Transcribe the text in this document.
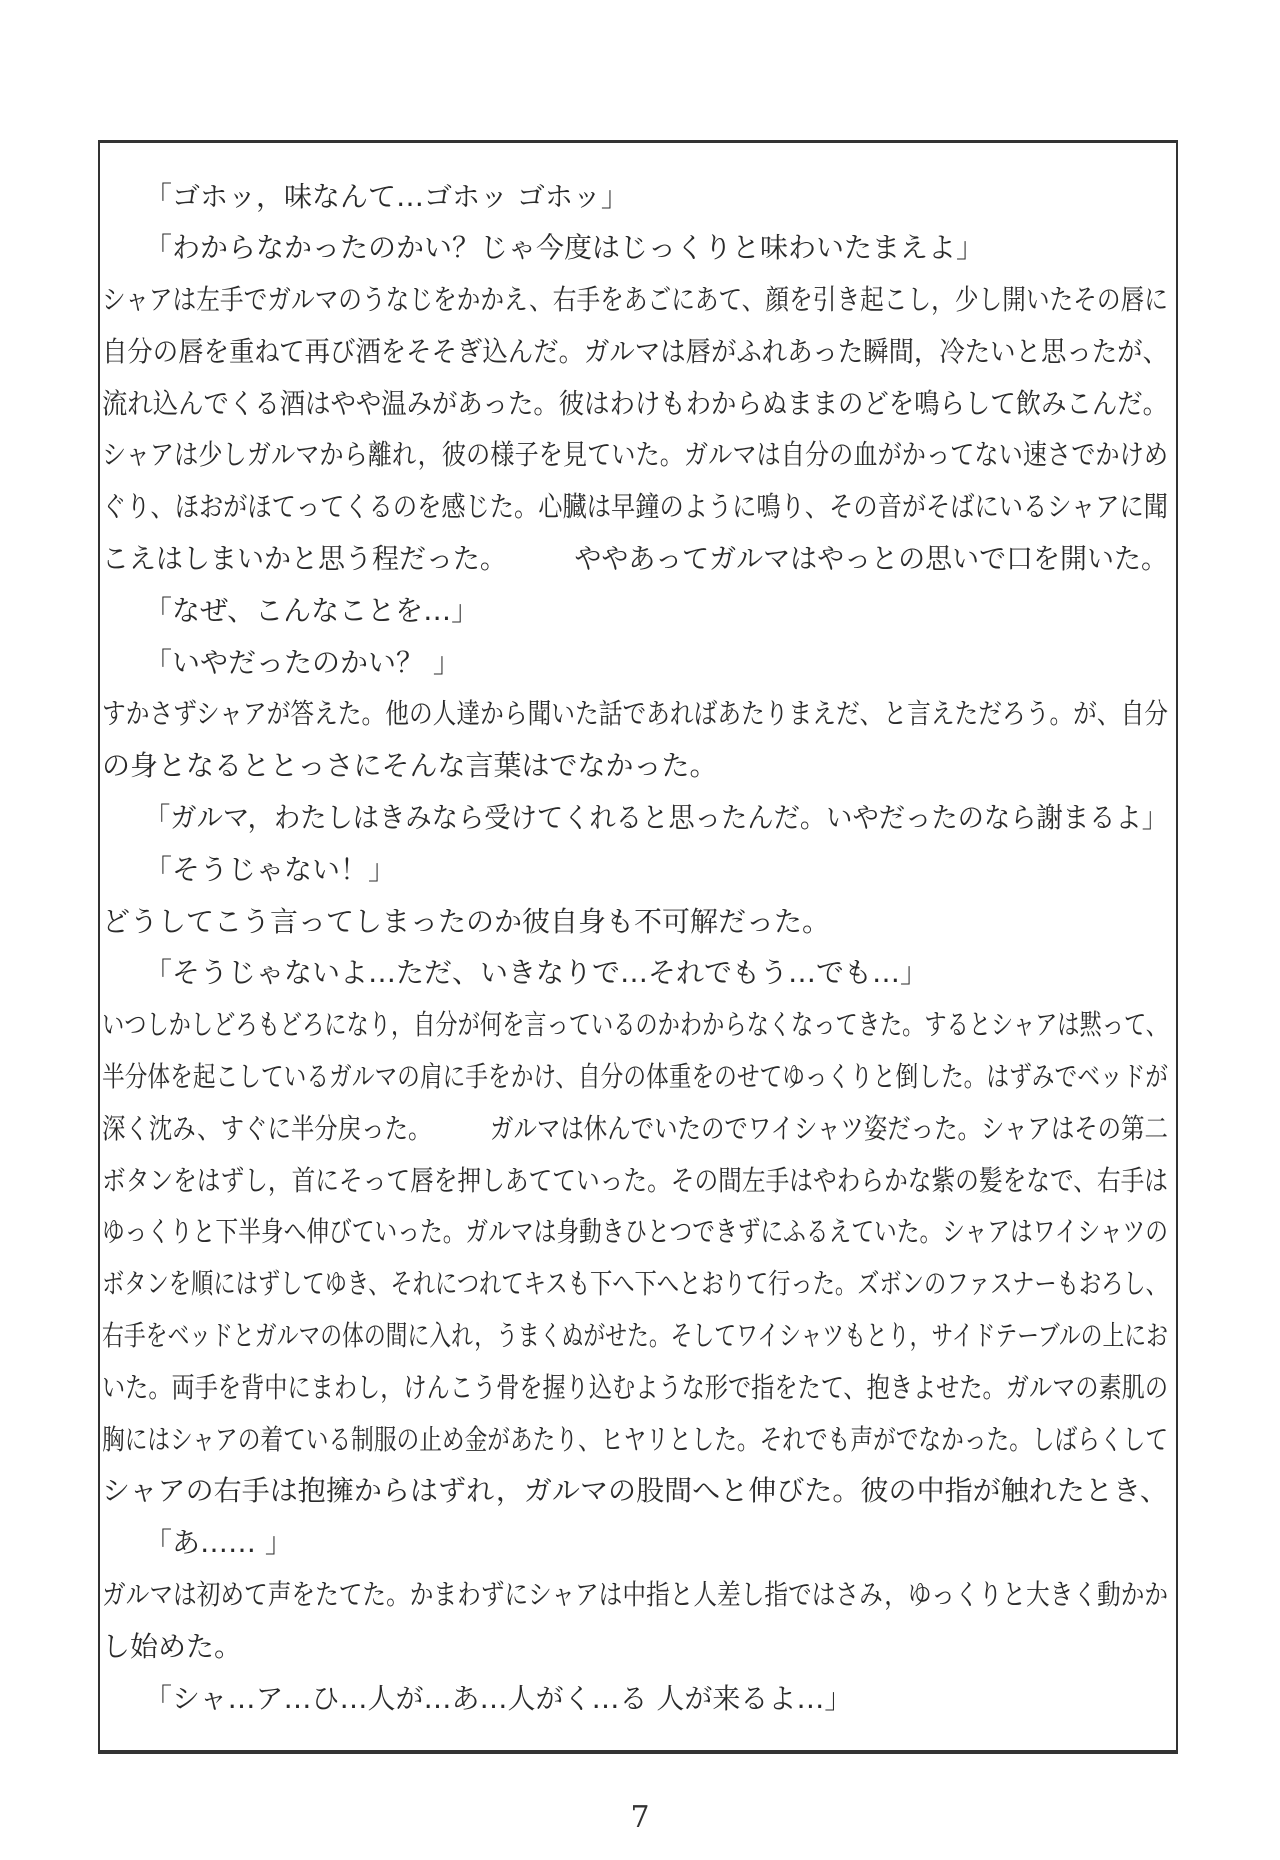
「ゴホッ，味なんて…ゴホッ ゴホッ」
「わからなかったのかい？じゃ今度はじっくりと味わいたまえよ」
シャアは左手でガルマのうなじをかかえ、右手をあごにあて、顔を引き起こし，少し開いたその唇に
自分の唇を重ねて再び酒をそそぎ込んだ。ガルマは唇がふれあった瞬間，冷たいと思ったが、
流れ込んでくる酒はやや温みがあった。彼はわけもわからぬままのどを鳴らして飲みこんだ。
シャアは少しガルマから離れ，彼の様子を見ていた。ガルマは自分の血がかってない速さでかけめ
ぐり、ほおがほてってくるのを感じた。心臓は早鐘のように鳴り、その音がそばにいるシャアに聞
こえはしまいかと思う程だった。　　　ややあってガルマはやっとの思いで口を開いた。
「なぜ、こんなことを…」
「いやだったのかい？ 」
すかさずシャアが答えた。他の人達から聞いた話であればあたりまえだ、と言えただろう。が、自分
の身となるととっさにそんな言葉はでなかった。
「ガルマ，わたしはきみなら受けてくれると思ったんだ。いやだったのなら謝まるよ」
「そうじゃない！」
どうしてこう言ってしまったのか彼自身も不可解だった。
「そうじゃないよ…ただ、いきなりで…それでもう…でも…」
いつしかしどろもどろになり，自分が何を言っているのかわからなくなってきた。するとシャアは黙って、
半分体を起こしているガルマの肩に手をかけ、自分の体重をのせてゆっくりと倒した。はずみでベッドが
深く沈み、すぐに半分戻った。　　　ガルマは休んでいたのでワイシャツ姿だった。シャアはその第二
ボタンをはずし，首にそって唇を押しあてていった。その間左手はやわらかな紫の髪をなで、右手は
ゆっくりと下半身へ伸びていった。ガルマは身動きひとつできずにふるえていた。シャアはワイシャツの
ボタンを順にはずしてゆき、それにつれてキスも下へ下へとおりて行った。ズボンのファスナーもおろし、
右手をベッドとガルマの体の間に入れ，うまくぬがせた。そしてワイシャツもとり，サイドテーブルの上にお
いた。両手を背中にまわし，けんこう骨を握り込むような形で指をたて、抱きよせた。ガルマの素肌の
胸にはシャアの着ている制服の止め金があたり、ヒヤリとした。それでも声がでなかった。しばらくして
シャアの右手は抱擁からはずれ，ガルマの股間へと伸びた。彼の中指が触れたとき、
「あ…… 」
ガルマは初めて声をたてた。かまわずにシャアは中指と人差し指ではさみ，ゆっくりと大きく動かか
し始めた。
「シャ…ア…ひ…人が…あ…人がく…る 人が来るよ…」
7
